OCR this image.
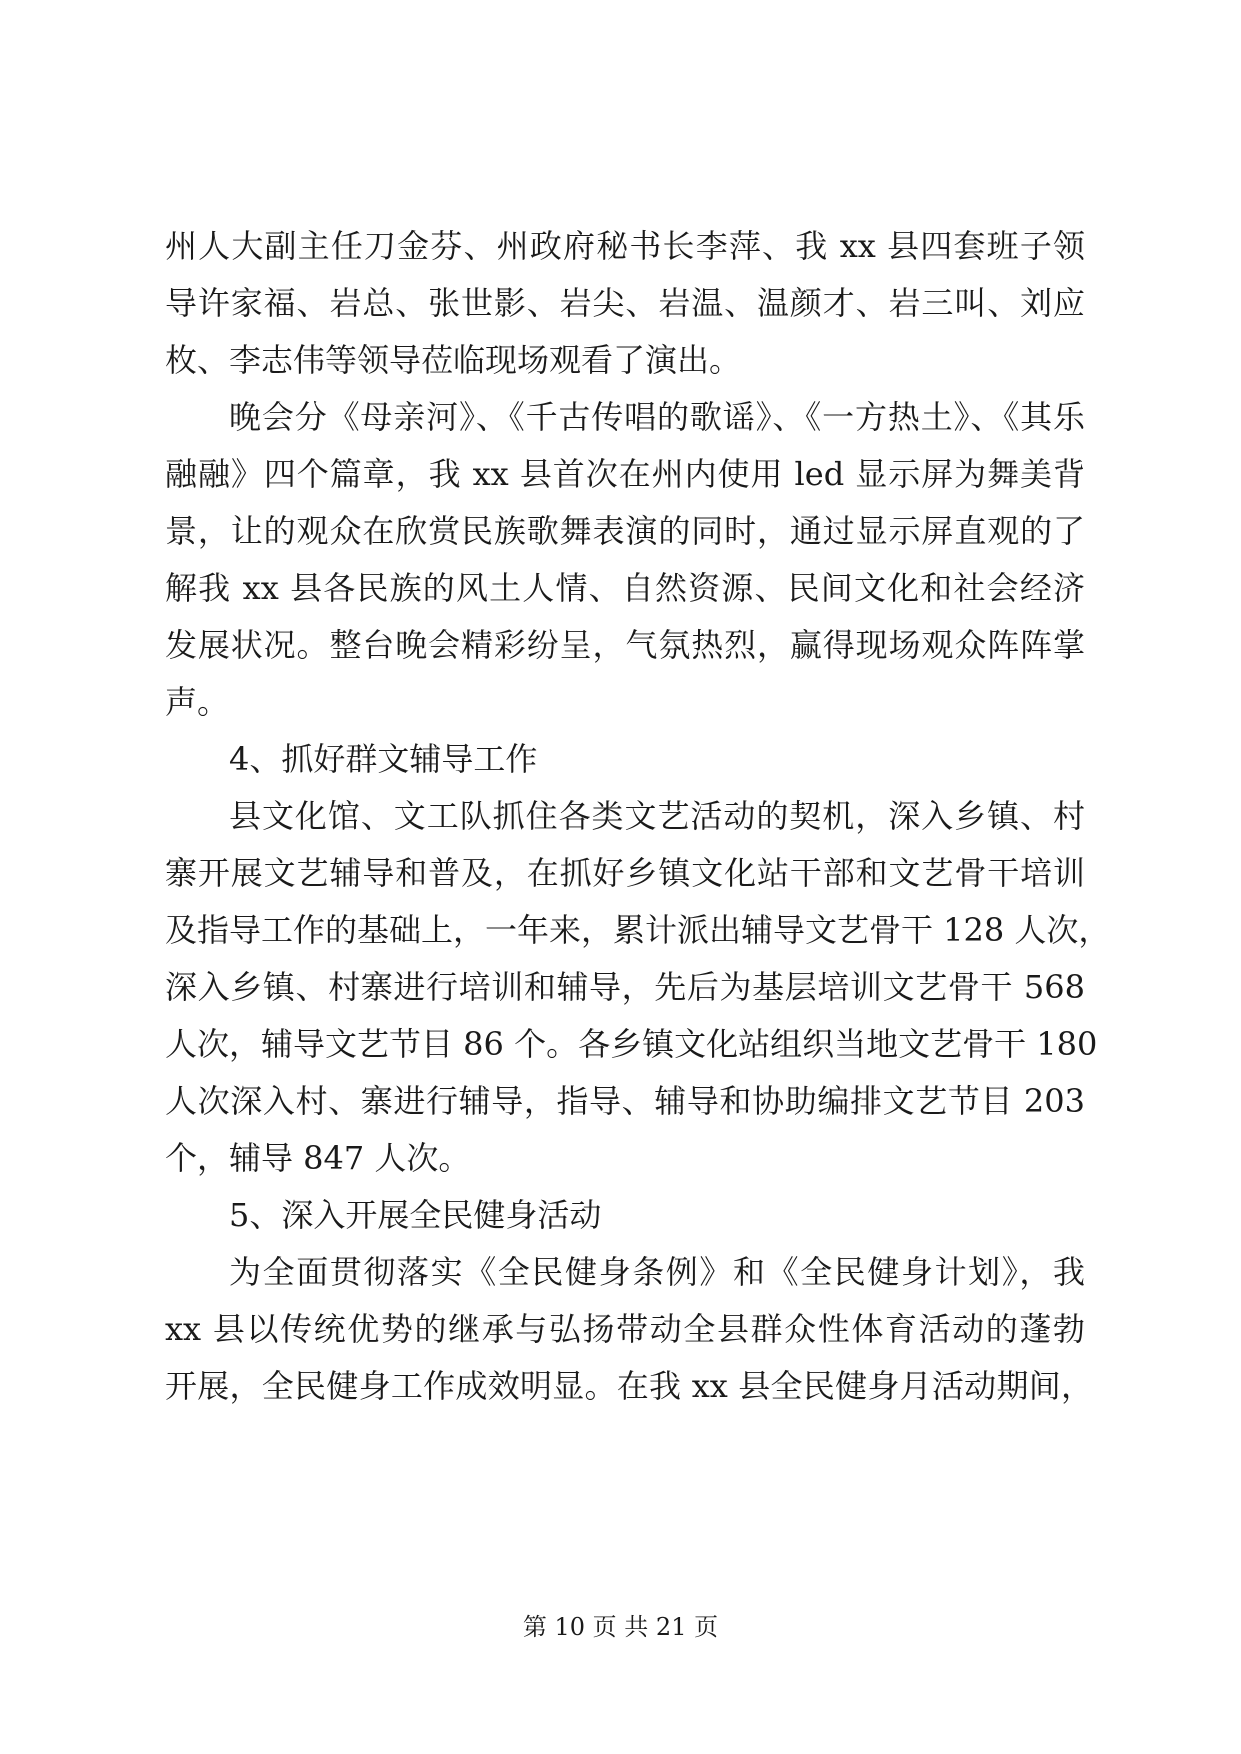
州人大副主任刀金芬、州政府秘书长李萍、我 xx 县四套班子领
导许家福、岩总、张世影、岩尖、岩温、温颜才、岩三叫、刘应
枚、李志伟等领导莅临现场观看了演出。
晚会分《母亲河》、《千古传唱的歌谣》、《一方热土》、《其乐
融融》四个篇章，我 xx 县首次在州内使用 led 显示屏为舞美背
景，让的观众在欣赏民族歌舞表演的同时，通过显示屏直观的了
解我 xx 县各民族的风土人情、自然资源、民间文化和社会经济
发展状况。整台晚会精彩纷呈，气氛热烈，赢得现场观众阵阵掌
声。
4、抓好群文辅导工作
县文化馆、文工队抓住各类文艺活动的契机，深入乡镇、村
寨开展文艺辅导和普及，在抓好乡镇文化站干部和文艺骨干培训
及指导工作的基础上，一年来，累计派出辅导文艺骨干 128 人次，
深入乡镇、村寨进行培训和辅导，先后为基层培训文艺骨干 568
人次，辅导文艺节目 86 个。各乡镇文化站组织当地文艺骨干 180
人次深入村、寨进行辅导，指导、辅导和协助编排文艺节目 203
个，辅导 847 人次。
5、深入开展全民健身活动
为全面贯彻落实《全民健身条例》和《全民健身计划》，我
xx 县以传统优势的继承与弘扬带动全县群众性体育活动的蓬勃
开展，全民健身工作成效明显。在我 xx 县全民健身月活动期间，
第 10 页 共 21 页
